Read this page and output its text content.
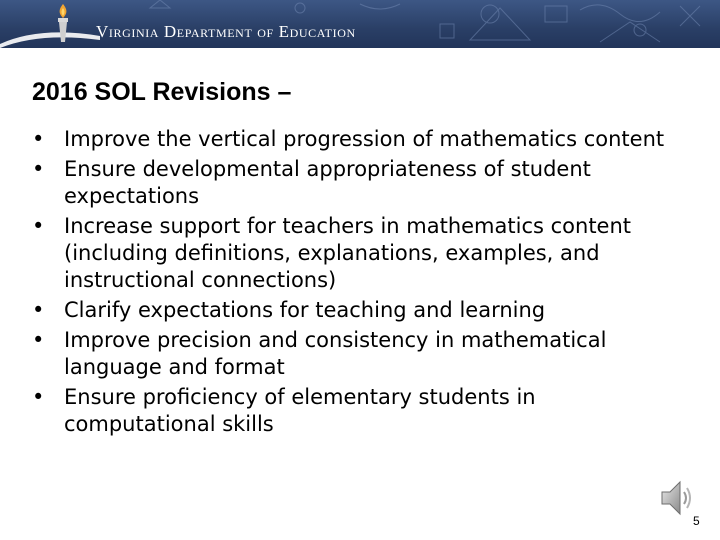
Virginia Department of Education
2016 SOL Revisions –
• Improve the vertical progression of mathematics content
• Ensure developmental appropriateness of student expectations
• Increase support for teachers in mathematics content (including definitions, explanations, examples, and instructional connections)
• Clarify expectations for teaching and learning
• Improve precision and consistency in mathematical language and format
• Ensure proficiency of elementary students in computational skills
5
